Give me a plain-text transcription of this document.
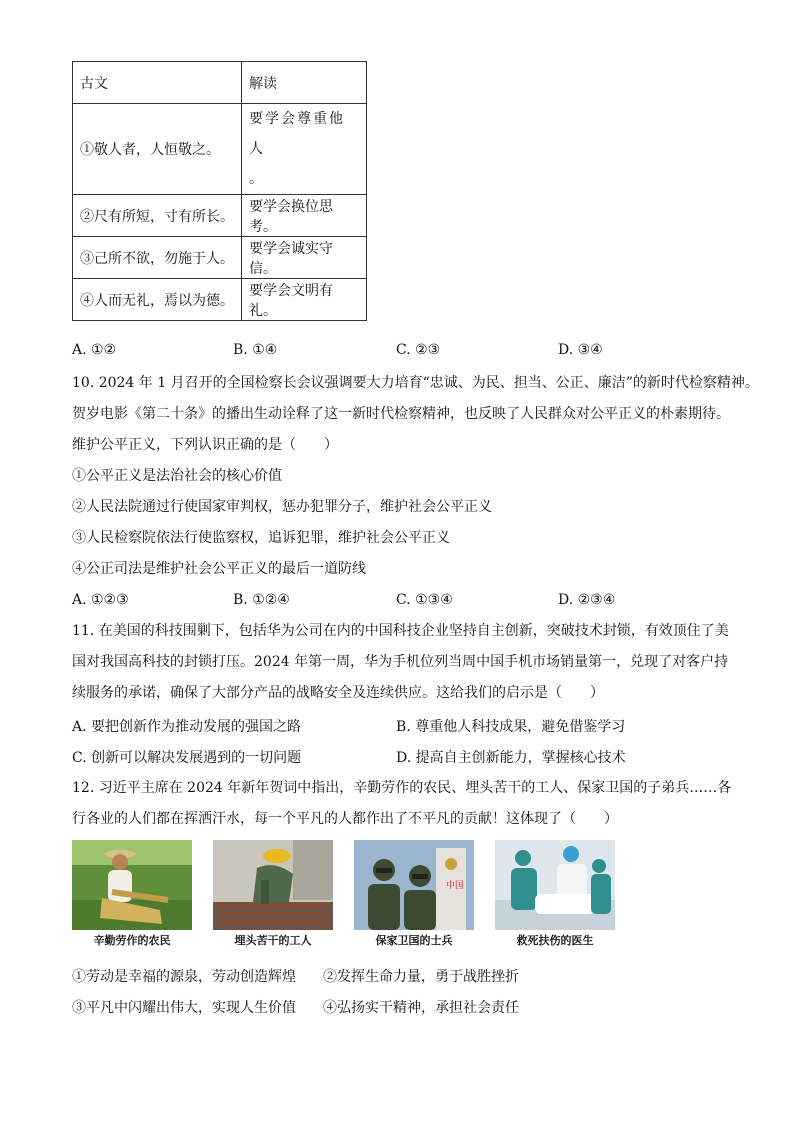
古文	解读
①敬人者，人恒敬之。	要学会尊重他人
。
②尺有所短，寸有所长。	要学会换位思考。
③己所不欲，勿施于人。	要学会诚实守信。
④人而无礼，焉以为德。	要学会文明有礼。
A. ①②	B. ①④	C. ②③	D. ③④
10. 2024 年 1 月召开的全国检察长会议强调要大力培育“忠诚、为民、担当、公正、廉洁”的新时代检察精神。
贺岁电影《第二十条》的播出生动诠释了这一新时代检察精神，也反映了人民群众对公平正义的朴素期待。
维护公平正义，下列认识正确的是（　　）
①公平正义是法治社会的核心价值
②人民法院通过行使国家审判权，惩办犯罪分子，维护社会公平正义
③人民检察院依法行使监察权，追诉犯罪，维护社会公平正义
④公正司法是维护社会公平正义的最后一道防线
A. ①②③	B. ①②④	C. ①③④	D. ②③④
11. 在美国的科技围剿下，包括华为公司在内的中国科技企业坚持自主创新，突破技术封锁，有效顶住了美
国对我国高科技的封锁打压。2024 年第一周，华为手机位列当周中国手机市场销量第一，兑现了对客户持
续服务的承诺，确保了大部分产品的战略安全及连续供应。这给我们的启示是（　　）
A. 要把创新作为推动发展的强国之路	B. 尊重他人科技成果，避免借鉴学习
C. 创新可以解决发展遇到的一切问题	D. 提高自主创新能力，掌握核心技术
12. 习近平主席在 2024 年新年贺词中指出，辛勤劳作的农民、埋头苦干的工人、保家卫国的子弟兵……各
行各业的人们都在挥洒汗水，每一个平凡的人都作出了不平凡的贡献！这体现了（　　）
中国
辛勤劳作的农民	埋头苦干的工人	保家卫国的士兵	救死扶伤的医生
①劳动是幸福的源泉，劳动创造辉煌 ②发挥生命力量，勇于战胜挫折
③平凡中闪耀出伟大，实现人生价值 ④弘扬实干精神，承担社会责任
